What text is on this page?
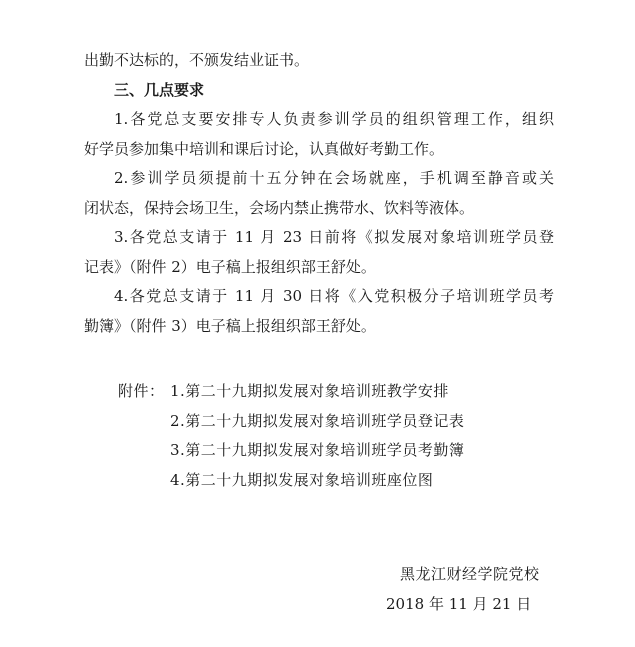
出勤不达标的，不颁发结业证书。
三、几点要求
1.各党总支要安排专人负责参训学员的组织管理工作，组织
好学员参加集中培训和课后讨论，认真做好考勤工作。
2.参训学员须提前十五分钟在会场就座，手机调至静音或关
闭状态，保持会场卫生，会场内禁止携带水、饮料等液体。
3.各党总支请于 11 月 23 日前将《拟发展对象培训班学员登
记表》（附件 2）电子稿上报组织部王舒处。
4.各党总支请于 11 月 30 日将《入党积极分子培训班学员考
勤簿》（附件 3）电子稿上报组织部王舒处。
附件： 1.第二十九期拟发展对象培训班教学安排
2.第二十九期拟发展对象培训班学员登记表
3.第二十九期拟发展对象培训班学员考勤簿
4.第二十九期拟发展对象培训班座位图
黑龙江财经学院党校
2018 年 11 月 21 日
